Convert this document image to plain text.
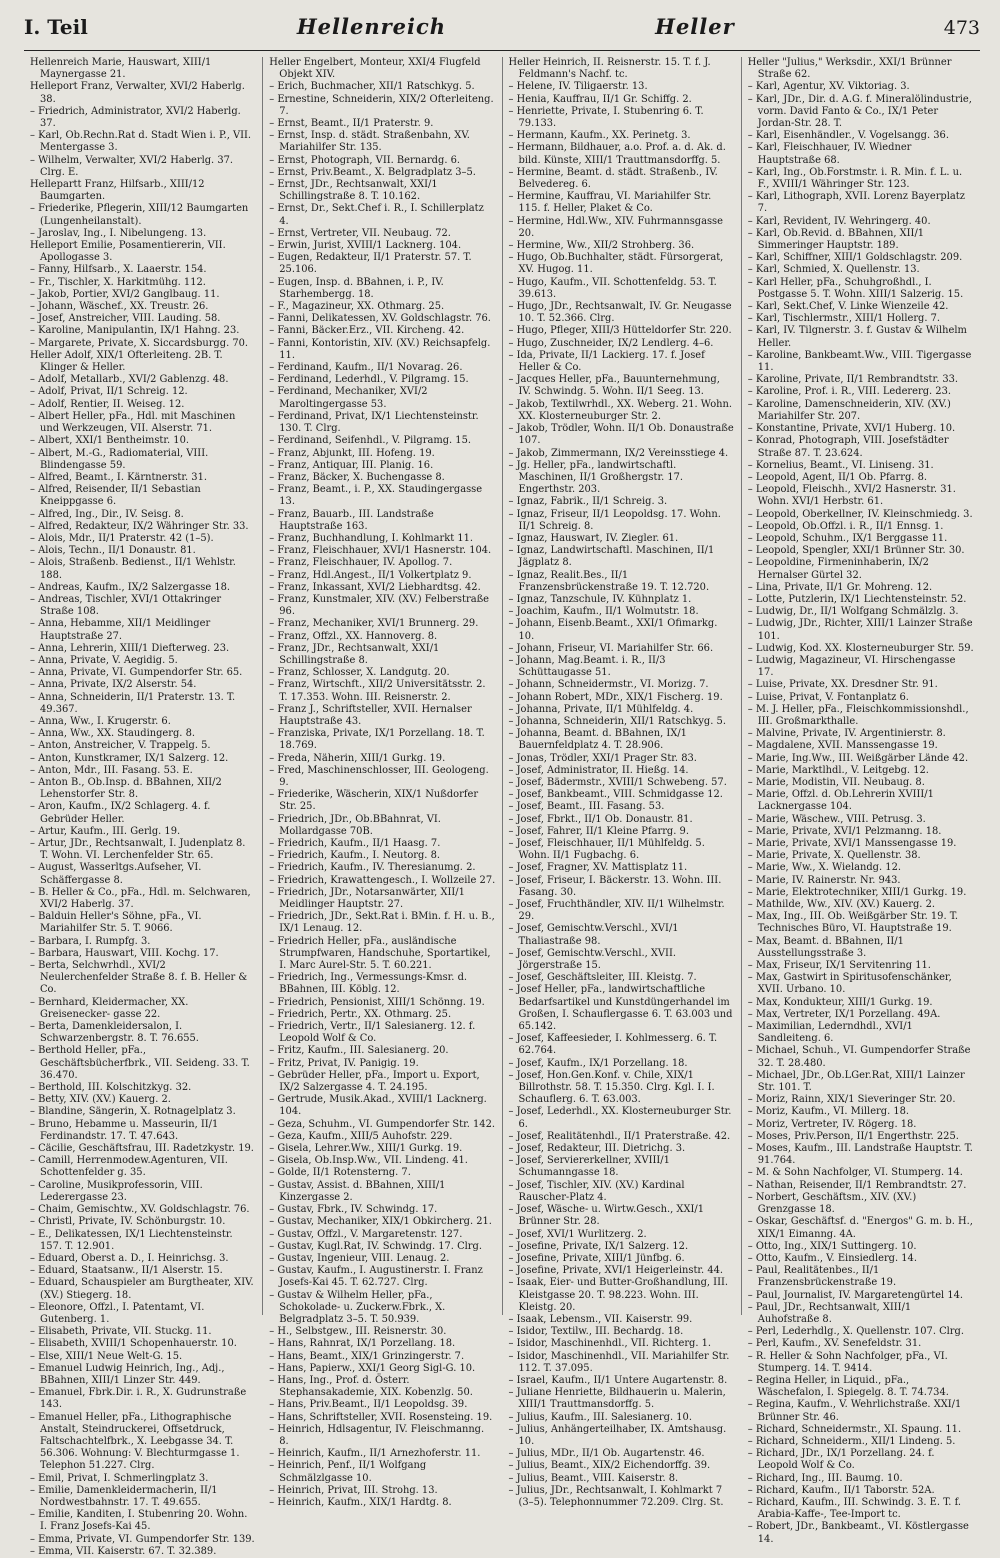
I. Teil	Hellenreich	Heller	473

Hellenreich Marie, Hauswart, XIII/1 Maynergasse 21.

Helleport Franz, Verwalter, XVI/2 Haberlg. 38.

– Friedrich, Administrator, XVI/2 Haberlg. 37.

– Karl, Ob.Rechn.Rat d. Stadt Wien i. P., VII. Mentergasse 3.

– Wilhelm, Verwalter, XVI/2 Haberlg. 37. Clrg. E.

Hellepartt Franz, Hilfsarb., XIII/12 Baumgarten.

– Friederike, Pflegerin, XIII/12 Baumgarten (Lungenheilanstalt).

– Jaroslav, Ing., I. Nibelungeng. 13.

Helleport Emilie, Posamentiererin, VII. Apollogasse 3.

– Fanny, Hilfsarb., X. Laaerstr. 154.

– Fr., Tischler, X. Harkitmühg. 112.

– Jakob, Portier, XVI/2 Ganglbaug. 11.

– Johann, Wäschef., XX. Treustr. 26.

– Josef, Anstreicher, VIII. Lauding. 58.

– Karoline, Manipulantin, IX/1 Hahng. 23.

– Margarete, Private, X. Siccardsburgg. 70.

Heller Adolf, XIX/1 Ofterleiteng. 2B. T. Klinger & Heller.

– Adolf, Metallarb., XVI/2 Gablenzg. 48.

– Adolf, Privat, II/1 Schreig. 12.

– Adolf, Rentier, II. Weiseg. 12.

– Albert Heller, pFa., Hdl. mit Maschinen und Werkzeugen, VII. Alserstr. 71.

– Albert, XXI/1 Bentheimstr. 10.

– Albert, M.-G., Radiomaterial, VIII. Blindengasse 59.

– Alfred, Beamt., I. Kärntnerstr. 31.

– Alfred, Reisender, II/1 Sebastian Kneippgasse 6.

– Alfred, Ing., Dir., IV. Seisg. 8.

– Alfred, Redakteur, IX/2 Währinger Str. 33.

– Alois, Mdr., II/1 Praterstr. 42 (1–5).

– Alois, Techn., II/1 Donaustr. 81.

– Alois, Straßenb. Bedienst., II/1 Wehlstr. 188.

– Andreas, Kaufm., IX/2 Salzergasse 18.

– Andreas, Tischler, XVI/1 Ottakringer Straße 108.

– Anna, Hebamme, XII/1 Meidlinger Hauptstraße 27.

– Anna, Lehrerin, XIII/1 Diefterweg. 23.

– Anna, Private, V. Aegidig. 5.

– Anna, Private, VI. Gumpendorfer Str. 65.

– Anna, Private, IX/2 Alserstr. 54.

– Anna, Schneiderin, II/1 Praterstr. 13. T. 49.367.

– Anna, Ww., I. Krugerstr. 6.

– Anna, Ww., XX. Staudingerg. 8.

– Anton, Anstreicher, V. Trappelg. 5.

– Anton, Kunstkramer, IX/1 Salzerg. 12.

– Anton, Mdr., III. Fasang. 53. E.

– Anton B., Ob.Insp. d. BBahnen, XII/2 Lehenstorfer Str. 8.

– Aron, Kaufm., IX/2 Schlagerg. 4. f. Gebrüder Heller.

– Artur, Kaufm., III. Gerlg. 19.

– Artur, JDr., Rechtsanwalt, I. Judenplatz 8. T. Wohn. VI. Lerchenfelder Str. 65.

– August, Wasserltgs.Aufseher, VI. Schäffergasse 8.

– B. Heller & Co., pFa., Hdl. m. Selchwaren, XVI/2 Haberlg. 37.

– Balduin Heller's Söhne, pFa., VI. Mariahilfer Str. 5. T. 9066.

– Barbara, I. Rumpfg. 3.

– Barbara, Hauswart, VIII. Kochg. 17.

– Berta, Selchwrhdl., XVI/2 Neulerchenfelder Straße 8. f. B. Heller & Co.

– Bernhard, Kleidermacher, XX. Greisenecker- gasse 22.

– Berta, Damenkleidersalon, I. Schwarzenbergstr. 8. T. 76.655.

– Berthold Heller, pFa., Geschäftsbücherfbrk., VII. Seideng. 33. T. 36.470.

– Berthold, III. Kolschitzkyg. 32.

– Betty, XIV. (XV.) Kauerg. 2.

– Blandine, Sängerin, X. Rotnagelplatz 3.

– Bruno, Hebamme u. Masseurin, II/1 Ferdinandstr. 17. T. 47.643.

– Cäcilie, Geschäftsfrau, III. Radetzkystr. 19.

– Camill, Herrenmodew.Agenturen, VII. Schottenfelder g. 35.

– Caroline, Musikprofessorin, VIII. Lederergasse 23.

– Chaim, Gemischtw., XV. Goldschlagstr. 76.

– Christl, Private, IV. Schönburgstr. 10.

– E., Delikatessen, IX/1 Liechtensteinstr. 157. T. 12.901.

– Eduard, Oberst a. D., I. Heinrichsg. 3.

– Eduard, Staatsanw., II/1 Alserstr. 15.

– Eduard, Schauspieler am Burgtheater, XIV. (XV.) Stiegerg. 18.

– Eleonore, Offzl., I. Patentamt, VI. Gutenberg. 1.

– Elisabeth, Private, VII. Stuckg. 11.

– Elisabeth, XVIII/1 Schopenhauerstr. 10.

– Else, XIII/1 Neue Welt-G. 15.

– Emanuel Ludwig Heinrich, Ing., Adj., BBahnen, XIII/1 Linzer Str. 449.

– Emanuel, Fbrk.Dir. i. R., X. Gudrunstraße 143.

– Emanuel Heller, pFa., Lithographische Anstalt, Steindruckerei, Offsetdruck, Faltschachtelfbrk., X. Leebgasse 34. T. 56.306. Wohnung: V. Blechturmgasse 1. Telephon 51.227. Clrg.

– Emil, Privat, I. Schmerlingplatz 3.

– Emilie, Damenkleidermacherin, II/1 Nordwestbahnstr. 17. T. 49.655.

– Emilie, Kanditen, I. Stubenring 20. Wohn. I. Franz Josefs-Kai 45.

– Emma, Private, VI. Gumpendorfer Str. 139.

– Emma, VII. Kaiserstr. 67. T. 32.389.

Heller Engelbert, Monteur, XXI/4 Flugfeld Objekt XIV.

– Erich, Buchmacher, XII/1 Ratschkyg. 5.

– Ernestine, Schneiderin, XIX/2 Ofterleiteng. 7.

– Ernst, Beamt., II/1 Praterstr. 9.

– Ernst, Insp. d. städt. Straßenbahn, XV. Mariahilfer Str. 135.

– Ernst, Photograph, VII. Bernardg. 6.

– Ernst, Priv.Beamt., X. Belgradplatz 3–5.

– Ernst, JDr., Rechtsanwalt, XXI/1 Schillingstraße 8. T. 10.162.

– Ernst, Dr., Sekt.Chef i. R., I. Schillerplatz 4.

– Ernst, Vertreter, VII. Neubaug. 72.

– Erwin, Jurist, XVIII/1 Lacknerg. 104.

– Eugen, Redakteur, II/1 Praterstr. 57. T. 25.106.

– Eugen, Insp. d. BBahnen, i. P., IV. Starhembergg. 18.

– F., Magazineur, XX. Othmarg. 25.

– Fanni, Delikatessen, XV. Goldschlagstr. 76.

– Fanni, Bäcker.Erz., VII. Kircheng. 42.

– Fanni, Kontoristin, XIV. (XV.) Reichsapfelg. 11.

– Ferdinand, Kaufm., II/1 Novarag. 26.

– Ferdinand, Lederhdl., V. Pilgramg. 15.

– Ferdinand, Mechaniker, XVI/2 Maroltingergasse 53.

– Ferdinand, Privat, IX/1 Liechtensteinstr. 130. T. Clrg.

– Ferdinand, Seifenhdl., V. Pilgramg. 15.

– Franz, Abjunkt, III. Hofeng. 19.

– Franz, Antiquar, III. Planig. 16.

– Franz, Bäcker, X. Buchengasse 8.

– Franz, Beamt., i. P., XX. Staudingergasse 13.

– Franz, Bauarb., III. Landstraße Hauptstraße 163.

– Franz, Buchhandlung, I. Kohlmarkt 11.

– Franz, Fleischhauer, XVI/1 Hasnerstr. 104.

– Franz, Fleischhauer, IV. Apollog. 7.

– Franz, Hdl.Angest., II/1 Volkertplatz 9.

– Franz, Inkassant, XVI/2 Liebhardtsg. 42.

– Franz, Kunstmaler, XIV. (XV.) Felberstraße 96.

– Franz, Mechaniker, XVI/1 Brunnerg. 29.

– Franz, Offzl., XX. Hannoverg. 8.

– Franz, JDr., Rechtsanwalt, XXI/1 Schillingstraße 8.

– Franz, Schlosser, X. Landgutg. 20.

– Franz, Wirtschft., XII/2 Universitätsstr. 2. T. 17.353. Wohn. III. Reisnerstr. 2.

– Franz J., Schriftsteller, XVII. Hernalser Hauptstraße 43.

– Franziska, Private, IX/1 Porzellang. 18. T. 18.769.

– Freda, Näherin, XIII/1 Gurkg. 19.

– Fred, Maschinenschlosser, III. Geologeng. 9.

– Friederike, Wäscherin, XIX/1 Nußdorfer Str. 25.

– Friedrich, JDr., Ob.BBahnrat, VI. Mollardgasse 70B.

– Friedrich, Kaufm., II/1 Haasg. 7.

– Friedrich, Kaufm., I. Neutorg. 8.

– Friedrich, Kaufm., IV. Theresianumg. 2.

– Friedrich, Krawattengesch., I. Wollzeile 27.

– Friedrich, JDr., Notarsanwärter, XII/1 Meidlinger Hauptstr. 27.

– Friedrich, JDr., Sekt.Rat i. BMin. f. H. u. B., IX/1 Lenaug. 12.

– Friedrich Heller, pFa., ausländische Strumpfwaren, Handschuhe, Sportartikel, I. Marc Aurel-Str. 5. T. 60.221.

– Friedrich, Ing., Vermessungs-Kmsr. d. BBahnen, III. Köblg. 12.

– Friedrich, Pensionist, XIII/1 Schönng. 19.

– Friedrich, Pertr., XX. Othmarg. 25.

– Friedrich, Vertr., II/1 Salesianerg. 12. f. Leopold Wolf & Co.

– Fritz, Kaufm., III. Salesianerg. 20.

– Fritz, Privat, IV. Panigig. 19.

– Gebrüder Heller, pFa., Import u. Export, IX/2 Salzergasse 4. T. 24.195.

– Gertrude, Musik.Akad., XVIII/1 Lacknerg. 104.

– Geza, Schuhm., VI. Gumpendorfer Str. 142.

– Geza, Kaufm., XIII/5 Auhofstr. 229.

– Gisela, Lehrer.Ww., XIII/1 Gurkg. 19.

– Gisela, Ob.Insp.Ww., VII. Lindeng. 41.

– Golde, II/1 Rotensterng. 7.

– Gustav, Assist. d. BBahnen, XIII/1 Kinzergasse 2.

– Gustav, Fbrk., IV. Schwindg. 17.

– Gustav, Mechaniker, XIX/1 Obkircherg. 21.

– Gustav, Offzl., V. Margaretenstr. 127.

– Gustav, Kugl.Rat, IV. Schwindg. 17. Clrg.

– Gustav, Ingenieur, VIII. Lenaug. 2.

– Gustav, Kaufm., I. Augustinerstr. I. Franz Josefs-Kai 45. T. 62.727. Clrg.

– Gustav & Wilhelm Heller, pFa., Schokolade- u. Zuckerw.Fbrk., X. Belgradplatz 3–5. T. 50.939.

– H., Selbstgew., III. Reisnerstr. 30.

– Hans, Rahnrat, IX/1 Porzellang. 18.

– Hans, Beamt., XIX/1 Grinzingerstr. 7.

– Hans, Papierw., XXI/1 Georg Sigl-G. 10.

– Hans, Ing., Prof. d. Österr. Stephansakademie, XIX. Kobenzlg. 50.

– Hans, Priv.Beamt., II/1 Leopoldsg. 39.

– Hans, Schriftsteller, XVII. Rosensteing. 19.

– Heinrich, Hdlsagentur, IV. Fleischmanng. 8.

– Heinrich, Kaufm., II/1 Arnezhoferstr. 11.

– Heinrich, Penf., II/1 Wolfgang Schmälzlgasse 10.

– Heinrich, Privat, III. Strohg. 13.

– Heinrich, Kaufm., XIX/1 Hardtg. 8.

Heller Heinrich, II. Reisnerstr. 15. T. f. J. Feldmann's Nachf. tc.

– Helene, IV. Tiligaerstr. 13.

– Henia, Kauffrau, II/1 Gr. Schiffg. 2.

– Henriette, Private, I. Stubenring 6. T. 79.133.

– Hermann, Kaufm., XX. Perinetg. 3.

– Hermann, Bildhauer, a.o. Prof. a. d. Ak. d. bild. Künste, XIII/1 Trauttmansdorffg. 5.

– Hermine, Beamt. d. städt. Straßenb., IV. Belvedereg. 6.

– Hermine, Kauffrau, VI. Mariahilfer Str. 115. f. Heller, Plaket & Co.

– Hermine, Hdl.Ww., XIV. Fuhrmannsgasse 20.

– Hermine, Ww., XII/2 Strohberg. 36.

– Hugo, Ob.Buchhalter, städt. Fürsorgerat, XV. Hugog. 11.

– Hugo, Kaufm., VII. Schottenfeldg. 53. T. 39.613.

– Hugo, JDr., Rechtsanwalt, IV. Gr. Neugasse 10. T. 52.366. Clrg.

– Hugo, Pfleger, XIII/3 Hütteldorfer Str. 220.

– Hugo, Zuschneider, IX/2 Lendlerg. 4–6.

– Ida, Private, II/1 Lackierg. 17. f. Josef Heller & Co.

– Jacques Heller, pFa., Bauunternehmung, IV. Schwindg. 5. Wohn. II/1 Seeg. 13.

– Jakob, Textilwrhdl., XX. Weberg. 21. Wohn. XX. Klosterneuburger Str. 2.

– Jakob, Trödler, Wohn. II/1 Ob. Donaustraße 107.

– Jakob, Zimmermann, IX/2 Vereinsstiege 4.

– Jg. Heller, pFa., landwirtschaftl. Maschinen, II/1 Großhergstr. 17. Engerthstr. 203.

– Ignaz, Fabrik., II/1 Schreig. 3.

– Ignaz, Friseur, II/1 Leopoldsg. 17. Wohn. II/1 Schreig. 8.

– Ignaz, Hauswart, IV. Ziegler. 61.

– Ignaz, Landwirtschaftl. Maschinen, II/1 Jägplatz 8.

– Ignaz, Realit.Bes., II/1 Franzensbrückenstraße 19. T. 12.720.

– Ignaz, Tanzschule, IV. Kühnplatz 1.

– Joachim, Kaufm., II/1 Wolmutstr. 18.

– Johann, Eisenb.Beamt., XXI/1 Ofimarkg. 10.

– Johann, Friseur, VI. Mariahilfer Str. 66.

– Johann, Mag.Beamt. i. R., II/3 Schüttaugasse 51.

– Johann, Schneidermstr., VI. Morizg. 7.

– Johann Robert, MDr., XIX/1 Fischerg. 19.

– Johanna, Private, II/1 Mühlfeldg. 4.

– Johanna, Schneiderin, XII/1 Ratschkyg. 5.

– Johanna, Beamt. d. BBahnen, IX/1 Bauernfeldplatz 4. T. 28.906.

– Jonas, Trödler, XXI/1 Prager Str. 83.

– Josef, Administrator, II. Hießg. 14.

– Josef, Bädermstr., XVIII/1 Schwebeng. 57.

– Josef, Bankbeamt., VIII. Schmidgasse 12.

– Josef, Beamt., III. Fasang. 53.

– Josef, Fbrkt., II/1 Ob. Donaustr. 81.

– Josef, Fahrer, II/1 Kleine Pfarrg. 9.

– Josef, Fleischhauer, II/1 Mühlfeldg. 5. Wohn. II/1 Fugbachg. 6.

– Josef, Fragner, XV. Mattisplatz 11.

– Josef, Friseur, I. Bäckerstr. 13. Wohn. III. Fasang. 30.

– Josef, Fruchthändler, XIV. II/1 Wilhelmstr. 29.

– Josef, Gemischtw.Verschl., XVI/1 Thaliastraße 98.

– Josef, Gemischtw.Verschl., XVII. Jörgerstraße 15.

– Josef, Geschäftsleiter, III. Kleistg. 7.

– Josef Heller, pFa., landwirtschaftliche Bedarfsartikel und Kunstdüngerhandel im Großen, I. Schauflergasse 6. T. 63.003 und 65.142.

– Josef, Kaffeesieder, I. Kohlmesserg. 6. T. 62.764.

– Josef, Kaufm., IX/1 Porzellang. 18.

– Josef, Hon.Gen.Konf. v. Chile, XIX/1 Billrothstr. 58. T. 15.350. Clrg. Kgl. I. I. Schauflerg. 6. T. 63.003.

– Josef, Lederhdl., XX. Klosterneuburger Str. 6.

– Josef, Realitätenhdl., II/1 Praterstraße. 42.

– Josef, Redakteur, III. Dietrichg. 3.

– Josef, Serviererkellner, XVIII/1 Schumanngasse 18.

– Josef, Tischler, XIV. (XV.) Kardinal Rauscher-Platz 4.

– Josef, Wäsche- u. Wirtw.Gesch., XXI/1 Brünner Str. 28.

– Josef, XVI/1 Wurlitzerg. 2.

– Josefine, Private, IX/1 Salzerg. 12.

– Josefine, Private, XIII/1 Jünfbg. 6.

– Josefine, Private, XVI/1 Heigerleinstr. 44.

– Isaak, Eier- und Butter-Großhandlung, III. Kleistgasse 20. T. 98.223. Wohn. III. Kleistg. 20.

– Isaak, Lebensm., VII. Kaiserstr. 99.

– Isidor, Textilw., III. Bechardg. 18.

– Isidor, Maschinenhdl., VII. Richterg. 1.

– Isidor, Maschinenhdl., VII. Mariahilfer Str. 112. T. 37.095.

– Israel, Kaufm., II/1 Untere Augartenstr. 8.

– Juliane Henriette, Bildhauerin u. Malerin, XIII/1 Trauttmansdorffg. 5.

– Julius, Kaufm., III. Salesianerg. 10.

– Julius, Anhängerteilhaber, IX. Amtshausg. 10.

– Julius, MDr., II/1 Ob. Augartenstr. 46.

– Julius, Beamt., XIX/2 Eichendorffg. 39.

– Julius, Beamt., VIII. Kaiserstr. 8.

– Julius, JDr., Rechtsanwalt, I. Kohlmarkt 7 (3–5). Telephonnummer 72.209. Clrg. St.

Heller "Julius," Werksdir., XXI/1 Brünner Straße 62.

– Karl, Agentur, XV. Viktoriag. 3.

– Karl, JDr., Dir. d. A.G. f. Mineralölindustrie, vorm. David Fanto & Co., IX/1 Peter Jordan-Str. 28. T.

– Karl, Eisenhändler., V. Vogelsangg. 36.

– Karl, Fleischhauer, IV. Wiedner Hauptstraße 68.

– Karl, Ing., Ob.Forstmstr. i. R. Min. f. L. u. F., XVIII/1 Währinger Str. 123.

– Karl, Lithograph, XVII. Lorenz Bayerplatz 7.

– Karl, Revident, IV. Wehringerg. 40.

– Karl, Ob.Revid. d. BBahnen, XII/1 Simmeringer Hauptstr. 189.

– Karl, Schiffner, XIII/1 Goldschlagstr. 209.

– Karl, Schmied, X. Quellenstr. 13.

– Karl Heller, pFa., Schuhgroßhdl., I. Postgasse 5. T. Wohn. XIII/1 Salzerig. 15.

– Karl, Sekt.Chef, V. Linke Wienzeile 42.

– Karl, Tischlermstr., XIII/1 Hollerg. 7.

– Karl, IV. Tilgnerstr. 3. f. Gustav & Wilhelm Heller.

– Karoline, Bankbeamt.Ww., VIII. Tigergasse 11.

– Karoline, Private, II/1 Rembrandtstr. 33.

– Karoline, Prof. i. R., VIII. Ledererg. 23.

– Karoline, Damenschneiderin, XIV. (XV.) Mariahilfer Str. 207.

– Konstantine, Private, XVI/1 Huberg. 10.

– Konrad, Photograph, VIII. Josefstädter Straße 87. T. 23.624.

– Kornelius, Beamt., VI. Liniseng. 31.

– Leopold, Agent, II/1 Ob. Pfarrg. 8.

– Leopold, Fleischh., XVI/2 Hasnerstr. 31. Wohn. XVI/1 Herbstr. 61.

– Leopold, Oberkellner, IV. Kleinschmiedg. 3.

– Leopold, Ob.Offzl. i. R., II/1 Ennsg. 1.

– Leopold, Schuhm., IX/1 Berggasse 11.

– Leopold, Spengler, XXI/1 Brünner Str. 30.

– Leopoldine, Firmeninhaberin, IX/2 Hernalser Gürtel 32.

– Lina, Private, II/1 Gr. Mohreng. 12.

– Lotte, Putzlerin, IX/1 Liechtensteinstr. 52.

– Ludwig, Dr., II/1 Wolfgang Schmälzlg. 3.

– Ludwig, JDr., Richter, XIII/1 Lainzer Straße 101.

– Ludwig, Kod. XX. Klosterneuburger Str. 59.

– Ludwig, Magazineur, VI. Hirschengasse 17.

– Luise, Private, XX. Dresdner Str. 91.

– Luise, Privat, V. Fontanplatz 6.

– M. J. Heller, pFa., Fleischkommissionshdl., III. Großmarkthalle.

– Malvine, Private, IV. Argentinierstr. 8.

– Magdalene, XVII. Manssengasse 19.

– Marie, Ing.Ww., III. Weißgärber Lände 42.

– Marie, Marktlhdl., V. Leitgebg. 12.

– Marie, Modistin, VII. Neubaug. 8.

– Marie, Offzl. d. Ob.Lehrerin XVIII/1 Lacknergasse 104.

– Marie, Wäschew., VIII. Petrusg. 3.

– Marie, Private, XVI/1 Pelzmanng. 18.

– Marie, Private, XVI/1 Manssengasse 19.

– Marie, Private, X. Quellenstr. 38.

– Marie, Ww., X. Wielandg. 12.

– Marie, IV. Rainerstr. Nr. 943.

– Marie, Elektrotechniker, XIII/1 Gurkg. 19.

– Mathilde, Ww., XIV. (XV.) Kauerg. 2.

– Max, Ing., III. Ob. Weißgärber Str. 19. T. Technisches Büro, VI. Hauptstraße 19.

– Max, Beamt. d. BBahnen, II/1 Ausstellungsstraße 3.

– Max, Friseur, IX/1 Servitenring 11.

– Max, Gastwirt in Spiritusofenschänker, XVII. Urbano. 10.

– Max, Kondukteur, XIII/1 Gurkg. 19.

– Max, Vertreter, IX/1 Porzellang. 49A.

– Maximilian, Lederndhdl., XVI/1 Sandleiteng. 6.

– Michael, Schuh., VI. Gumpendorfer Straße 32. T. 28.480.

– Michael, JDr., Ob.LGer.Rat, XIII/1 Lainzer Str. 101. T.

– Moriz, Rainn, XIX/1 Sieveringer Str. 20.

– Moriz, Kaufm., VI. Millerg. 18.

– Moriz, Vertreter, IV. Rögerg. 18.

– Moses, Priv.Person, II/1 Engerthstr. 225.

– Moses, Kaufm., III. Landstraße Hauptstr. T. 91.764.

– M. & Sohn Nachfolger, VI. Stumperg. 14.

– Nathan, Reisender, II/1 Rembrandtstr. 27.

– Norbert, Geschäftsm., XIV. (XV.) Grenzgasse 18.

– Oskar, Geschäftsf. d. "Energos" G. m. b. H., XIX/1 Eimanng. 4A.

– Otto, Ing., XIX/1 Suttingerg. 10.

– Otto, Kaufm., V. Einsiedlerg. 14.

– Paul, Realitätenbes., II/1 Franzensbrückenstraße 19.

– Paul, Journalist, IV. Margaretengürtel 14.

– Paul, JDr., Rechtsanwalt, XIII/1 Auhofstraße 8.

– Perl, Lederhdlg., X. Quellenstr. 107. Clrg.

– Perl, Kaufm., XV. Senefeldstr. 31.

– R. Heller & Sohn Nachfolger, pFa., VI. Stumperg. 14. T. 9414.

– Regina Heller, in Liquid., pFa., Wäschefalon, I. Spiegelg. 8. T. 74.734.

– Regina, Kaufm., V. Wehrlichstraße. XXI/1 Brünner Str. 46.

– Richard, Schneidermstr., XI. Spaung. 11.

– Richard, Schneiderm., XII/1 Lindeng. 5.

– Richard, JDr., IX/1 Porzellang. 24. f. Leopold Wolf & Co.

– Richard, Ing., III. Baumg. 10.

– Richard, Kaufm., II/1 Taborstr. 52A.

– Richard, Kaufm., III. Schwindg. 3. E. T. f. Arabia-Kaffe-, Tee-Import tc.

– Robert, JDr., Bankbeamt., VI. Köstlergasse 14.
